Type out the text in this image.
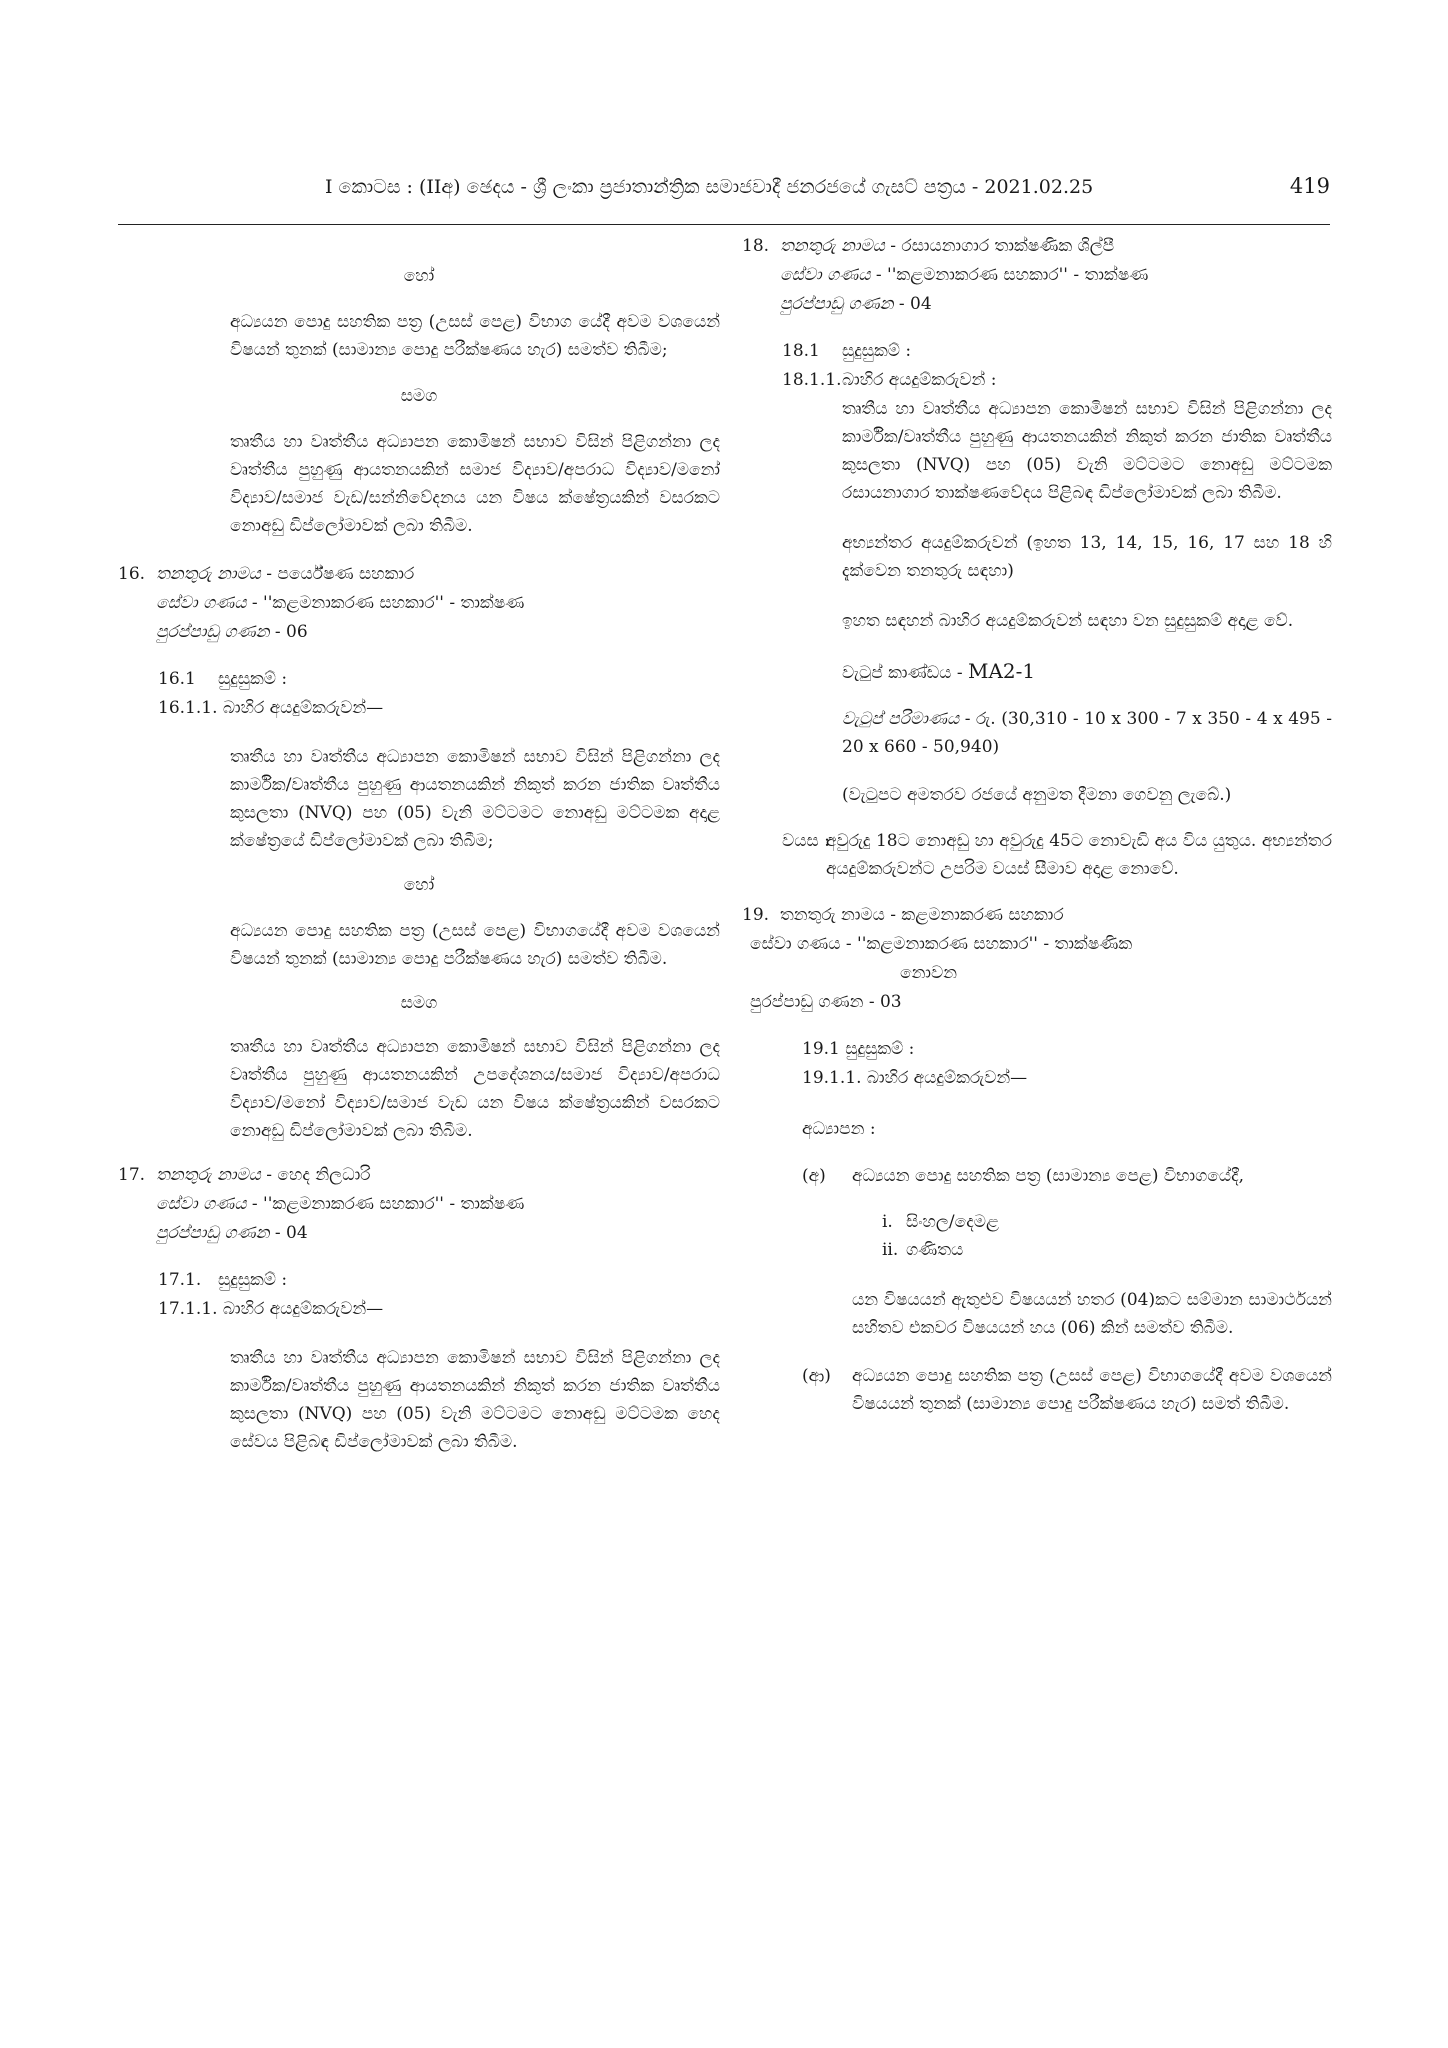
I කොටස : (IIඅ) ඡෙදය - ශ්‍රී ලංකා ප්‍රජාතාන්ත්‍රික සමාජවාදී ජනරජයේ ගැසට් පත්‍රය - 2021.02.25	419

හෝ

අධ්‍යයන පොදු සහතික පත්‍ර (උසස් පෙළ) විභාග යේදී අවම වශයෙන් විෂයන් තුනක් (සාමාන්‍ය පොදු පරීක්ෂණය හැර) සමත්ව තිබීම;

සමග

තෘතීය හා වෘත්තීය අධ්‍යාපන කොමිෂන් සභාව විසින් පිළිගන්නා ලද වෘත්තීය පුහුණු ආයතනයකින් සමාජ විද්‍යාව/අපරාධ විද්‍යාව/මනෝ විද්‍යාව/සමාජ වැඩ/සන්නිවේදනය යන විෂය ක්ෂේත්‍රයකින් වසරකට නොඅඩු ඩිප්ලෝමාවක් ලබා තිබීම.

16. තනතුරු නාමය - පර්යේෂණ සහකාර
සේවා ගණය - ''කළමනාකරණ සහකාර'' - තාක්ෂණ
පුරප්පාඩු ගණන - 06
16.1 සුදුසුකම් :

16.1.1. බාහිර අයදුම්කරුවන්—

තෘතීය හා වෘත්තීය අධ්‍යාපන කොමිෂන් සභාව විසින් පිළිගන්නා ලද කාර්මික/වෘත්තීය පුහුණු ආයතනයකින් නිකුත් කරන ජාතික වෘත්තීය කුසලතා (NVQ) පහ (05) වැනි මට්ටමට නොඅඩු මට්ටමක අදාළ ක්ෂේත්‍රයේ ඩිප්ලෝමාවක් ලබා තිබීම;

හෝ

අධ්‍යයන පොදු සහතික පත්‍ර (උසස් පෙළ) විභාගයේදී අවම වශයෙන් විෂයන් තුනක් (සාමාන්‍ය පොදු පරීක්ෂණය හැර) සමත්ව තිබීම.

සමග

තෘතීය හා වෘත්තීය අධ්‍යාපන කොමිෂන් සභාව විසින් පිළිගන්නා ලද වෘත්තීය පුහුණු ආයතනයකින් උපදේශනය/සමාජ විද්‍යාව/අපරාධ විද්‍යාව/මනෝ විද්‍යාව/සමාජ වැඩ යන විෂය ක්ෂේත්‍රයකින් වසරකට නොඅඩු ඩිප්ලෝමාවක් ලබා තිබීම.

17. තනතුරු නාමය - හෙද නිලධාරි
සේවා ගණය - ''කළමනාකරණ සහකාර'' - තාක්ෂණ
පුරප්පාඩු ගණන - 04
17.1. සුදුසුකම් :

17.1.1. බාහිර අයදුම්කරුවන්—

තෘතීය හා වෘත්තීය අධ්‍යාපන කොමිෂන් සභාව විසින් පිළිගන්නා ලද කාර්මික/වෘත්තීය පුහුණු ආයතනයකින් නිකුත් කරන ජාතික වෘත්තීය කුසලතා (NVQ) පහ (05) වැනි මට්ටමට නොඅඩු මට්ටමක හෙද සේවය පිළිබඳ ඩිප්ලෝමාවක් ලබා තිබීම.

18. තනතුරු නාමය - රසායනාගාර තාක්ෂණික ශිල්පී
සේවා ගණය - ''කළමනාකරණ සහකාර'' - තාක්ෂණ
පුරප්පාඩු ගණන - 04
18.1 සුදුසුකම් :
18.1.1.බාහිර අයදුම්කරුවන් :

තෘතීය හා වෘත්තීය අධ්‍යාපන කොමිෂන් සභාව විසින් පිළිගන්නා ලද කාර්මික/වෘත්තීය පුහුණු ආයතනයකින් නිකුත් කරන ජාතික වෘත්තීය කුසලතා (NVQ) පහ (05) වැනි මට්ටමට නොඅඩු මට්ටමක රසායනාගාර තාක්ෂණවේදය පිළිබඳ ඩිප්ලෝමාවක් ලබා තිබීම.

අභ්‍යන්තර අයදුම්කරුවන් (ඉහත 13, 14, 15, 16, 17 සහ 18 හි දැක්වෙන තනතුරු සඳහා)

ඉහත සඳහන් බාහිර අයදුම්කරුවන් සඳහා වන සුදුසුකම් අදාළ වේ.

වැටුප් කාණ්ඩය - MA2-1

වැටුප් පරිමාණය - රු. (30,310 - 10 x 300 - 7 x 350 - 4 x 495 - 20 x 660 - 50,940)

(වැටුපට අමතරව රජයේ අනුමත දීමනා ගෙවනු ලැබේ.)

වයස :

අවුරුදු 18ට නොඅඩු හා අවුරුදු 45ට නොවැඩි අය විය යුතුය. අභ්‍යන්තර අයදුම්කරුවන්ට උපරිම වයස් සීමාව අදාළ නොවේ.

19. තනතුරු නාමය - කළමනාකරණ සහකාර
සේවා ගණය - ''කළමනාකරණ සහකාර'' - තාක්ෂණික
නොවන
පුරප්පාඩු ගණන - 03

19.1 සුදුසුකම් :

19.1.1. බාහිර අයදුම්කරුවන්—

අධ්‍යාපන :

(අ) අධ්‍යයන පොදු සහතික පත්‍ර (සාමාන්‍ය පෙළ) විභාගයේදී,

i. සිංහල/දෙමළ
ii. ගණිතය

යන විෂයයන් ඇතුළුව විෂයයන් හතර (04)කට සම්මාන සාමාර්ථයන් සහිතව එකවර විෂයයන් හය (06) කින් සමත්ව තිබීම.

(ආ) අධ්‍යයන පොදු සහතික පත්‍ර (උසස් පෙළ) විභාගයේදී අවම වශයෙන් විෂයයන් තුනක් (සාමාන්‍ය පොදු පරීක්ෂණය හැර) සමත් තිබීම.
